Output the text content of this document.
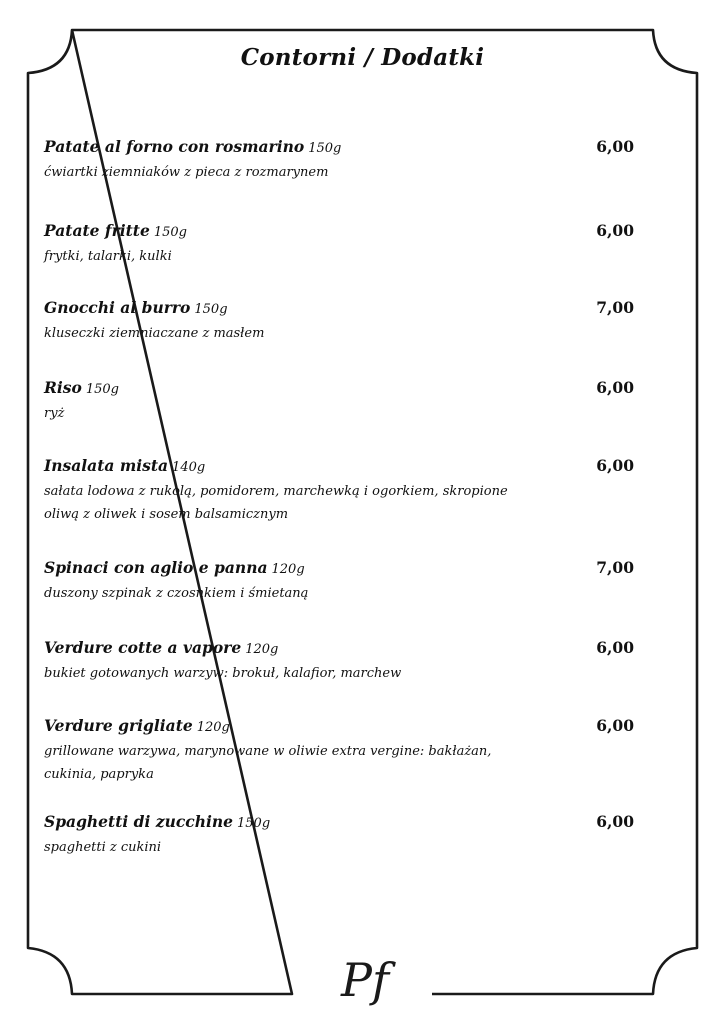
Contorni / Dodatki
Patate al forno con rosmarino 150g	6,00
ćwiartki ziemniaków z pieca z rozmarynem
Patate fritte 150g	6,00
frytki, talarki, kulki
Gnocchi al burro 150g	7,00
kluseczki ziemniaczane z masłem
Riso 150g	6,00
ryż
Insalata mista 140g	6,00
sałata lodowa z rukolą, pomidorem, marchewką i ogorkiem, skropione oliwą z oliwek i sosem balsamicznym
Spinaci con aglio e panna 120g	7,00
duszony szpinak z czosnkiem i śmietaną
Verdure cotte a vapore 120g	6,00
bukiet gotowanych warzyw: brokuł, kalafior, marchew
Verdure grigliate 120g	6,00
grillowane warzywa, marynowane w oliwie extra vergine: bakłażan, cukinia, papryka
Spaghetti di zucchine 150g	6,00
spaghetti z cukini
Pf
